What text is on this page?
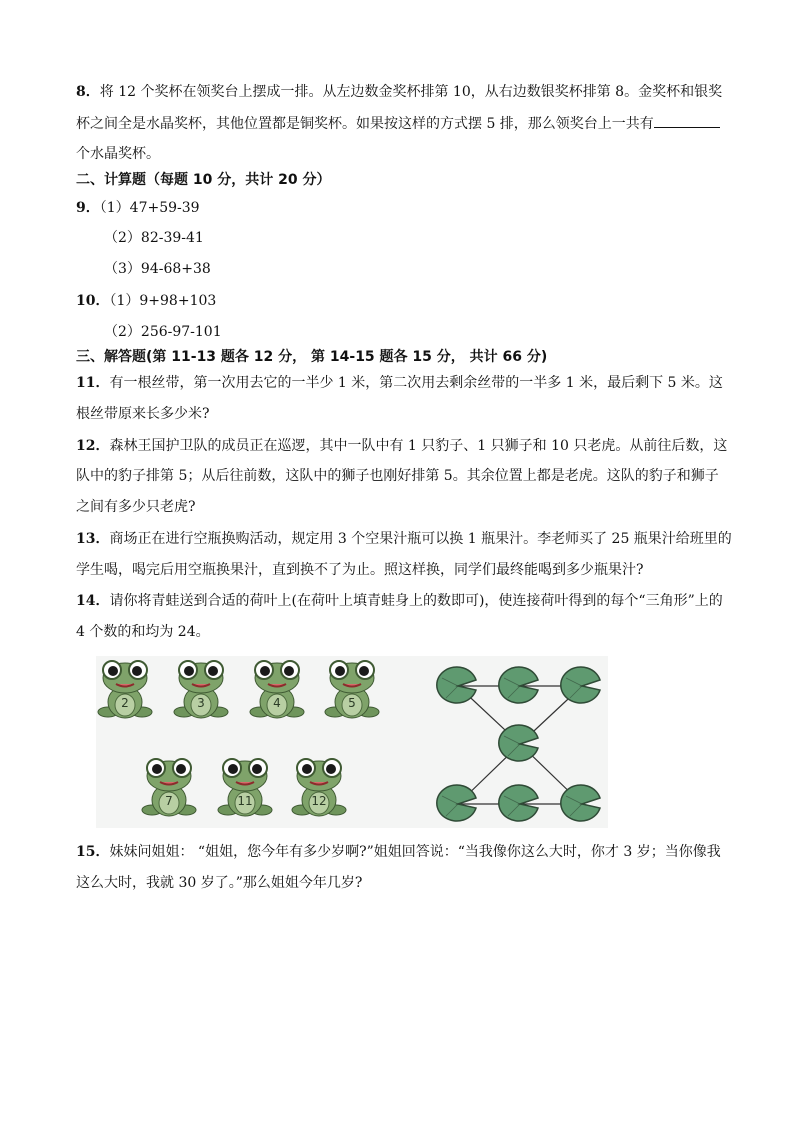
8．将 12 个奖杯在领奖台上摆成一排。从左边数金奖杯排第 10，从右边数银奖杯排第 8。金奖杯和银奖
杯之间全是水晶奖杯，其他位置都是铜奖杯。如果按这样的方式摆 5 排，那么领奖台上一共有
个水晶奖杯。
二、计算题（每题 10 分，共计 20 分）
9．（1）47+59-39
（2）82-39-41
（3）94-68+38
10．（1）9+98+103
（2）256-97-101
三、解答题(第 11-13 题各 12 分， 第 14-15 题各 15 分， 共计 66 分)
11．有一根丝带，第一次用去它的一半少 1 米，第二次用去剩余丝带的一半多 1 米，最后剩下 5 米。这
根丝带原来长多少米?
12．森林王国护卫队的成员正在巡逻，其中一队中有 1 只豹子、1 只狮子和 10 只老虎。从前往后数，这
队中的豹子排第 5；从后往前数，这队中的狮子也刚好排第 5。其余位置上都是老虎。这队的豹子和狮子
之间有多少只老虎?
13．商场正在进行空瓶换购活动，规定用 3 个空果汁瓶可以换 1 瓶果汁。李老师买了 25 瓶果汁给班里的
学生喝，喝完后用空瓶换果汁，直到换不了为止。照这样换，同学们最终能喝到多少瓶果汁?
14．请你将青蛙送到合适的荷叶上(在荷叶上填青蛙身上的数即可)，使连接荷叶得到的每个“三角形”上的
4 个数的和均为 24。
2	3	4	5
7	11	12
15．妹妹问姐姐： “姐姐，您今年有多少岁啊?”姐姐回答说：“当我像你这么大时，你才 3 岁；当你像我
这么大时，我就 30 岁了。”那么姐姐今年几岁?
